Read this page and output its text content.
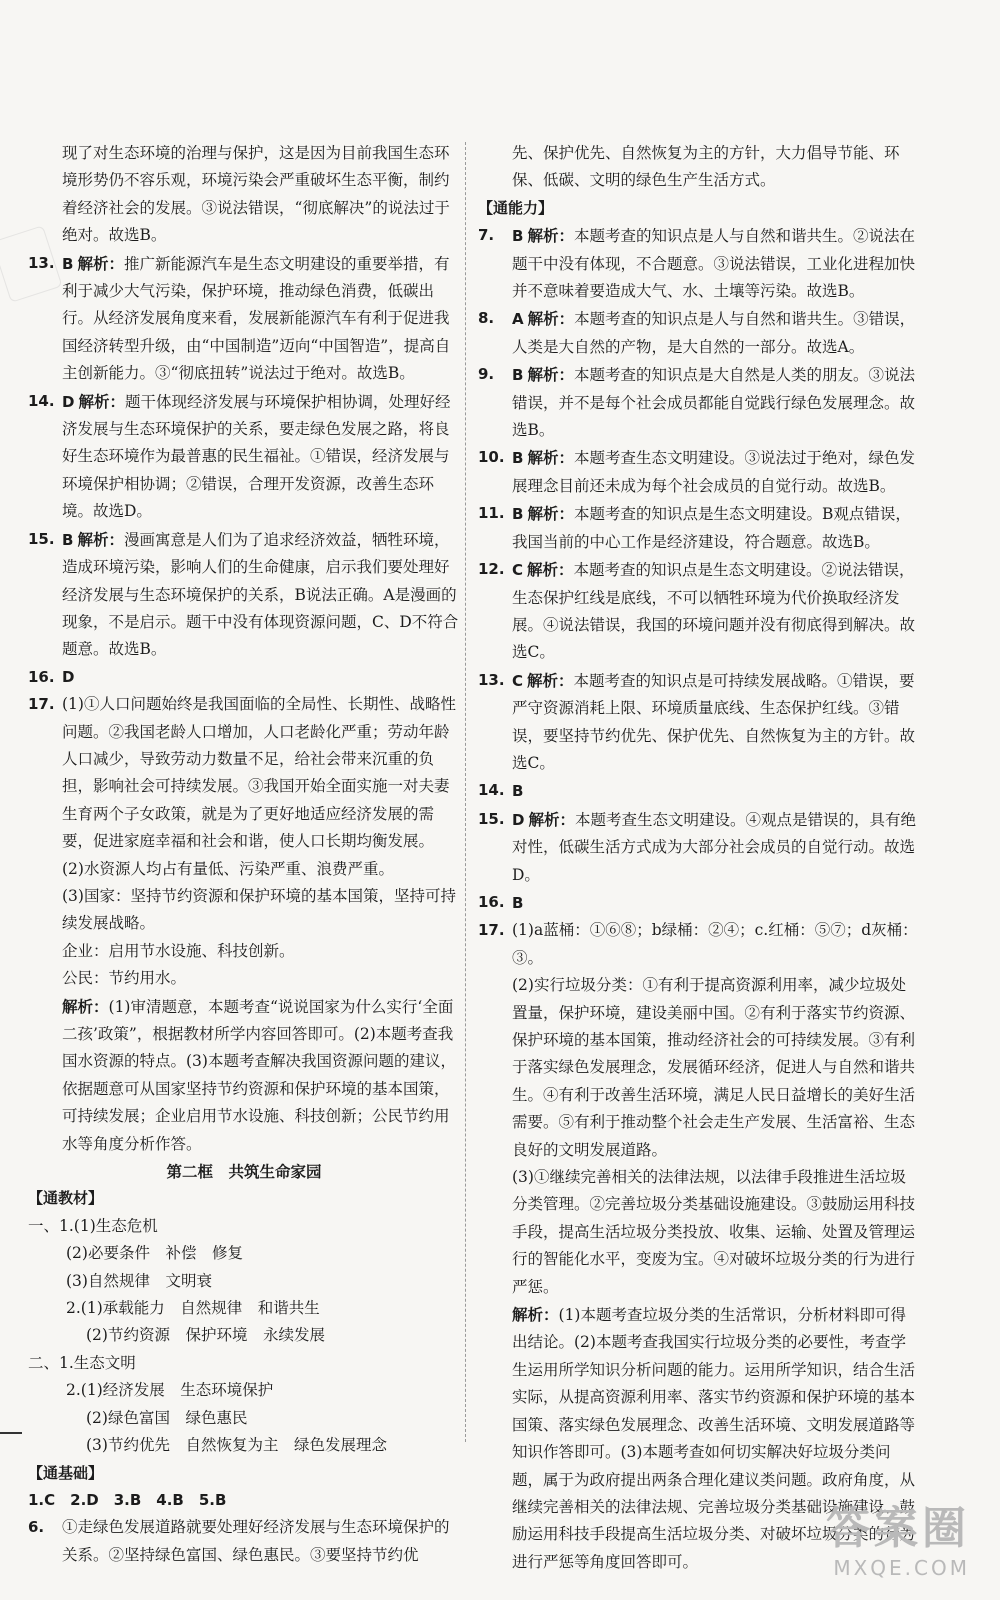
现了对生态环境的治理与保护，这是因为目前我国生态环境形势仍不容乐观，环境污染会严重破坏生态平衡，制约着经济社会的发展。③说法错误，“彻底解决”的说法过于绝对。故选B。

13. B 解析：推广新能源汽车是生态文明建设的重要举措，有利于减少大气污染，保护环境，推动绿色消费，低碳出行。从经济发展角度来看，发展新能源汽车有利于促进我国经济转型升级，由“中国制造”迈向“中国智造”，提高自主创新能力。③“彻底扭转”说法过于绝对。故选B。
14. D 解析：题干体现经济发展与环境保护相协调，处理好经济发展与生态环境保护的关系，要走绿色发展之路，将良好生态环境作为最普惠的民生福祉。①错误，经济发展与环境保护相协调；②错误，合理开发资源，改善生态环境。故选D。
15. B 解析：漫画寓意是人们为了追求经济效益，牺牲环境，造成环境污染，影响人们的生命健康，启示我们要处理好经济发展与生态环境保护的关系，B说法正确。A是漫画的现象，不是启示。题干中没有体现资源问题，C、D不符合题意。故选B。
16. D
17. (1)①人口问题始终是我国面临的全局性、长期性、战略性问题。②我国老龄人口增加，人口老龄化严重；劳动年龄人口减少，导致劳动力数量不足，给社会带来沉重的负担，影响社会可持续发展。③我国开始全面实施一对夫妻生育两个子女政策，就是为了更好地适应经济发展的需要，促进家庭幸福和社会和谐，使人口长期均衡发展。
(2)水资源人均占有量低、污染严重、浪费严重。
(3)国家：坚持节约资源和保护环境的基本国策，坚持可持续发展战略。
企业：启用节水设施、科技创新。
公民：节约用水。
解析：(1)审清题意，本题考查“说说国家为什么实行‘全面二孩’政策”，根据教材所学内容回答即可。(2)本题考查我国水资源的特点。(3)本题考查解决我国资源问题的建议，依据题意可从国家坚持节约资源和保护环境的基本国策，可持续发展；企业启用节水设施、科技创新；公民节约用水等角度分析作答。

第二框　共筑生命家园

【通教材】

一、1.(1)生态危机

(2)必要条件　补偿　修复

(3)自然规律　文明衰

2.(1)承载能力　自然规律　和谐共生

(2)节约资源　保护环境　永续发展

二、1.生态文明

2.(1)经济发展　生态环境保护

(2)绿色富国　绿色惠民

(3)节约优先　自然恢复为主　绿色发展理念

【通基础】

1.C　2.D　3.B　4.B　5.B

6.	①走绿色发展道路就要处理好经济发展与生态环境保护的关系。②坚持绿色富国、绿色惠民。③要坚持节约优

先、保护优先、自然恢复为主的方针，大力倡导节能、环保、低碳、文明的绿色生产生活方式。

【通能力】

7.	B 解析：本题考查的知识点是人与自然和谐共生。②说法在题干中没有体现，不合题意。③说法错误，工业化进程加快并不意味着要造成大气、水、土壤等污染。故选B。
8.	A 解析：本题考查的知识点是人与自然和谐共生。③错误，人类是大自然的产物，是大自然的一部分。故选A。
9.	B 解析：本题考查的知识点是大自然是人类的朋友。③说法错误，并不是每个社会成员都能自觉践行绿色发展理念。故选B。
10. B 解析：本题考查生态文明建设。③说法过于绝对，绿色发展理念目前还未成为每个社会成员的自觉行动。故选B。
11. B 解析：本题考查的知识点是生态文明建设。B观点错误，我国当前的中心工作是经济建设，符合题意。故选B。
12. C 解析：本题考查的知识点是生态文明建设。②说法错误，生态保护红线是底线，不可以牺牲环境为代价换取经济发展。④说法错误，我国的环境问题并没有彻底得到解决。故选C。
13. C 解析：本题考查的知识点是可持续发展战略。①错误，要严守资源消耗上限、环境质量底线、生态保护红线。③错误，要坚持节约优先、保护优先、自然恢复为主的方针。故选C。
14. B
15. D 解析：本题考查生态文明建设。④观点是错误的，具有绝对性，低碳生活方式成为大部分社会成员的自觉行动。故选D。
16. B
17. (1)a蓝桶：①⑥⑧；b绿桶：②④；c.红桶：⑤⑦；d灰桶：③。
(2)实行垃圾分类：①有利于提高资源利用率，减少垃圾处置量，保护环境，建设美丽中国。②有利于落实节约资源、保护环境的基本国策，推动经济社会的可持续发展。③有利于落实绿色发展理念，发展循环经济，促进人与自然和谐共生。④有利于改善生活环境，满足人民日益增长的美好生活需要。⑤有利于推动整个社会走生产发展、生活富裕、生态良好的文明发展道路。
(3)①继续完善相关的法律法规，以法律手段推进生活垃圾分类管理。②完善垃圾分类基础设施建设。③鼓励运用科技手段，提高生活垃圾分类投放、收集、运输、处置及管理运行的智能化水平，变废为宝。④对破坏垃圾分类的行为进行严惩。
解析：(1)本题考查垃圾分类的生活常识，分析材料即可得出结论。(2)本题考查我国实行垃圾分类的必要性，考查学生运用所学知识分析问题的能力。运用所学知识，结合生活实际，从提高资源利用率、落实节约资源和保护环境的基本国策、落实绿色发展理念、改善生活环境、文明发展道路等知识作答即可。(3)本题考查如何切实解决好垃圾分类问题，属于为政府提出两条合理化建议类问题。政府角度，从继续完善相关的法律法规、完善垃圾分类基础设施建设、鼓励运用科技手段提高生活垃圾分类、对破坏垃圾分类的行为进行严惩等角度回答即可。
答案圈
MXQE.COM
